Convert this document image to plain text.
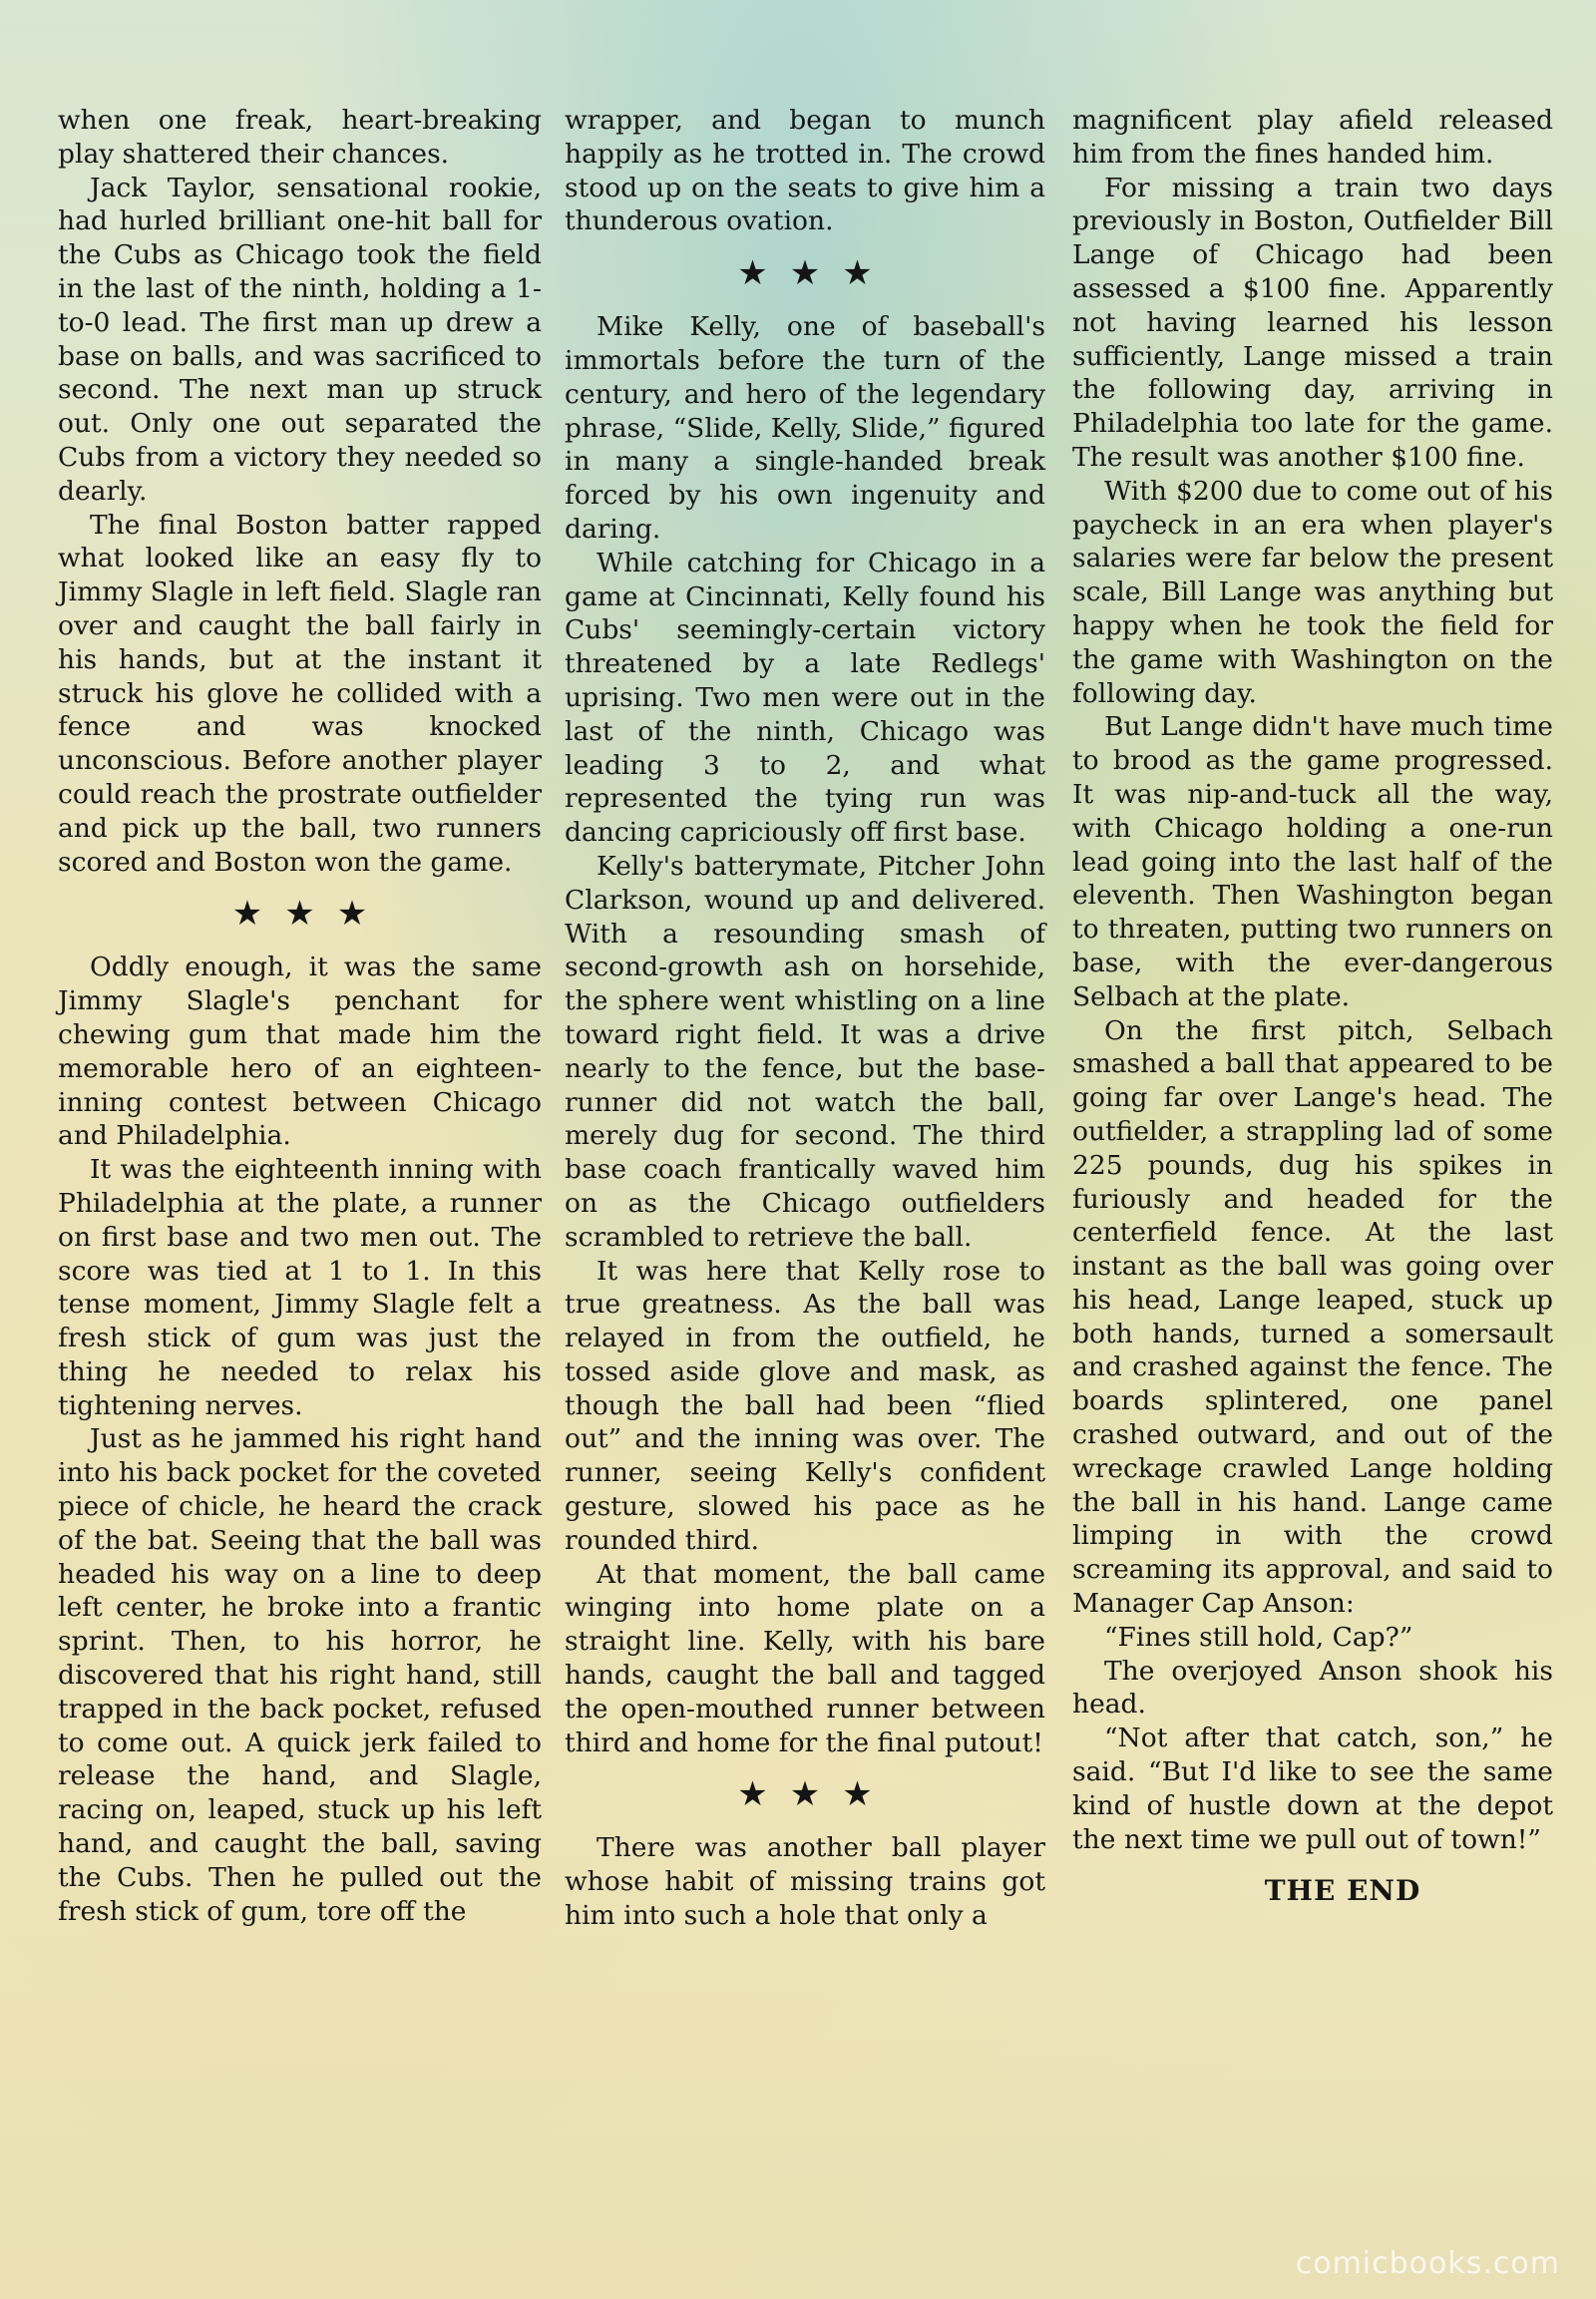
when one freak, heart-breaking play shattered their chances.

Jack Taylor, sensational rookie, had hurled brilliant one-hit ball for the Cubs as Chicago took the field in the last of the ninth, holding a 1-to-0 lead. The first man up drew a base on balls, and was sacrificed to second. The next man up struck out. Only one out separated the Cubs from a victory they needed so dearly.

The final Boston batter rapped what looked like an easy fly to Jimmy Slagle in left field. Slagle ran over and caught the ball fairly in his hands, but at the instant it struck his glove he collided with a fence and was knocked unconscious. Before another player could reach the prostrate outfielder and pick up the ball, two runners scored and Boston won the game.

★★★

Oddly enough, it was the same Jimmy Slagle's penchant for chewing gum that made him the memorable hero of an eighteen-inning contest between Chicago and Philadelphia.

It was the eighteenth inning with Philadelphia at the plate, a runner on first base and two men out. The score was tied at 1 to 1. In this tense moment, Jimmy Slagle felt a fresh stick of gum was just the thing he needed to relax his tightening nerves.

Just as he jammed his right hand into his back pocket for the coveted piece of chicle, he heard the crack of the bat. Seeing that the ball was headed his way on a line to deep left center, he broke into a frantic sprint. Then, to his horror, he discovered that his right hand, still trapped in the back pocket, refused to come out. A quick jerk failed to release the hand, and Slagle, racing on, leaped, stuck up his left hand, and caught the ball, saving the Cubs. Then he pulled out the fresh stick of gum, tore off the

wrapper, and began to munch happily as he trotted in. The crowd stood up on the seats to give him a thunderous ovation.

★★★

Mike Kelly, one of baseball's immortals before the turn of the century, and hero of the legendary phrase, “Slide, Kelly, Slide,” figured in many a single-handed break forced by his own ingenuity and daring.

While catching for Chicago in a game at Cincinnati, Kelly found his Cubs' seemingly-certain victory threatened by a late Redlegs' uprising. Two men were out in the last of the ninth, Chicago was leading 3 to 2, and what represented the tying run was dancing capriciously off first base.

Kelly's batterymate, Pitcher John Clarkson, wound up and delivered. With a resounding smash of second-growth ash on horsehide, the sphere went whistling on a line toward right field. It was a drive nearly to the fence, but the base-runner did not watch the ball, merely dug for second. The third base coach frantically waved him on as the Chicago outfielders scrambled to retrieve the ball.

It was here that Kelly rose to true greatness. As the ball was relayed in from the outfield, he tossed aside glove and mask, as though the ball had been “flied out” and the inning was over. The runner, seeing Kelly's confident gesture, slowed his pace as he rounded third.

At that moment, the ball came winging into home plate on a straight line. Kelly, with his bare hands, caught the ball and tagged the open-mouthed runner between third and home for the final putout!

★★★

There was another ball player whose habit of missing trains got him into such a hole that only a

magnificent play afield released him from the fines handed him.

For missing a train two days previously in Boston, Outfielder Bill Lange of Chicago had been assessed a $100 fine. Apparently not having learned his lesson sufficiently, Lange missed a train the following day, arriving in Philadelphia too late for the game. The result was another $100 fine.

With $200 due to come out of his paycheck in an era when player's salaries were far below the present scale, Bill Lange was anything but happy when he took the field for the game with Washington on the following day.

But Lange didn't have much time to brood as the game progressed. It was nip-and-tuck all the way, with Chicago holding a one-run lead going into the last half of the eleventh. Then Washington began to threaten, putting two runners on base, with the ever-dangerous Selbach at the plate.

On the first pitch, Selbach smashed a ball that appeared to be going far over Lange's head. The outfielder, a strappling lad of some 225 pounds, dug his spikes in furiously and headed for the centerfield fence. At the last instant as the ball was going over his head, Lange leaped, stuck up both hands, turned a somersault and crashed against the fence. The boards splintered, one panel crashed outward, and out of the wreckage crawled Lange holding the ball in his hand. Lange came limping in with the crowd screaming its approval, and said to Manager Cap Anson:

“Fines still hold, Cap?”

The overjoyed Anson shook his head.

“Not after that catch, son,” he said. “But I'd like to see the same kind of hustle down at the depot the next time we pull out of town!”

THE END
comicbooks.com
